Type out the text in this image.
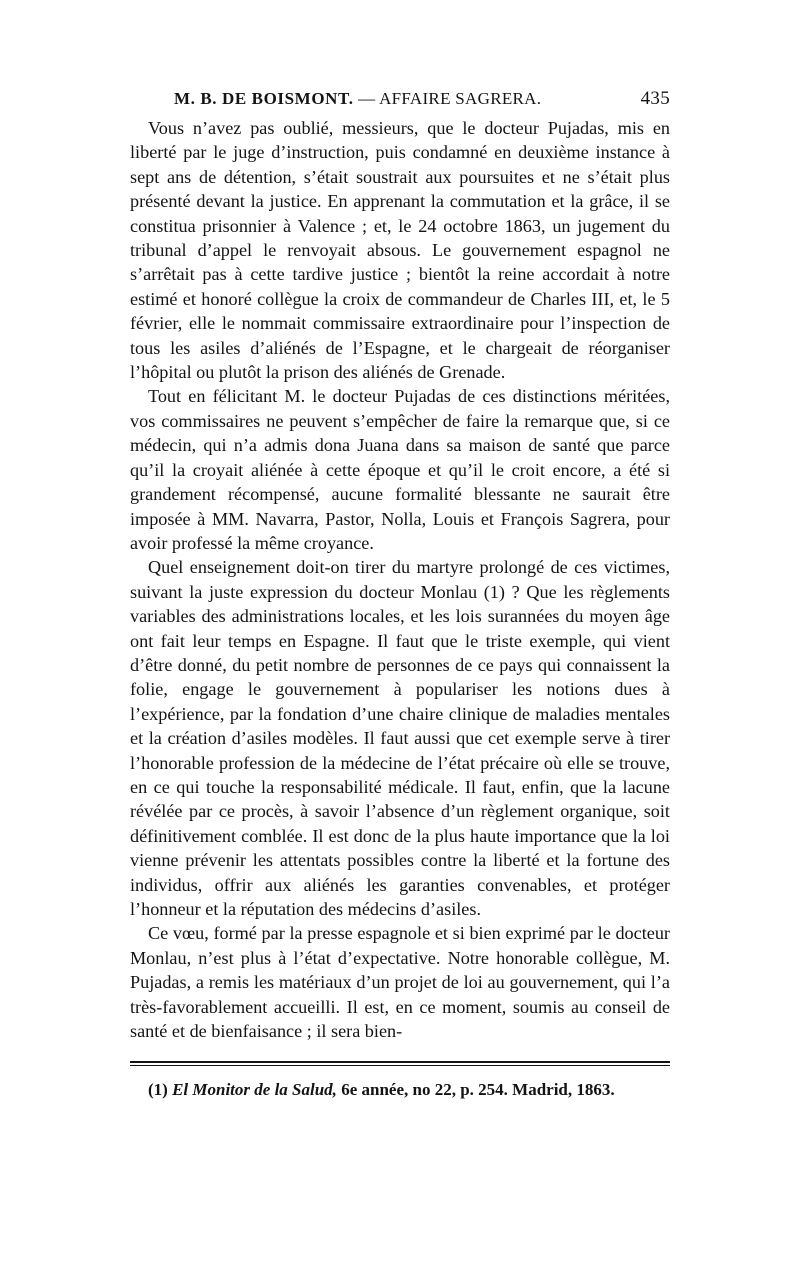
M. B. DE BOISMONT. — AFFAIRE SAGRERA.	435

Vous n’avez pas oublié, messieurs, que le docteur Pujadas, mis en liberté par le juge d’instruction, puis condamné en deuxième instance à sept ans de détention, s’était soustrait aux poursuites et ne s’était plus présenté devant la justice. En apprenant la commutation et la grâce, il se constitua prisonnier à Valence ; et, le 24 octobre 1863, un jugement du tribunal d’appel le renvoyait absous. Le gouvernement espagnol ne s’arrêtait pas à cette tardive justice ; bientôt la reine accordait à notre estimé et honoré collègue la croix de commandeur de Charles III, et, le 5 février, elle le nommait commissaire extraordinaire pour l’inspection de tous les asiles d’aliénés de l’Espagne, et le chargeait de réorganiser l’hôpital ou plutôt la prison des aliénés de Grenade.

Tout en félicitant M. le docteur Pujadas de ces distinctions méritées, vos commissaires ne peuvent s’empêcher de faire la remarque que, si ce médecin, qui n’a admis dona Juana dans sa maison de santé que parce qu’il la croyait aliénée à cette époque et qu’il le croit encore, a été si grandement récompensé, aucune formalité blessante ne saurait être imposée à MM. Navarra, Pastor, Nolla, Louis et François Sagrera, pour avoir professé la même croyance.

Quel enseignement doit-on tirer du martyre prolongé de ces victimes, suivant la juste expression du docteur Monlau (1) ? Que les règlements variables des administrations locales, et les lois surannées du moyen âge ont fait leur temps en Espagne. Il faut que le triste exemple, qui vient d’être donné, du petit nombre de personnes de ce pays qui connaissent la folie, engage le gouvernement à populariser les notions dues à l’expérience, par la fondation d’une chaire clinique de maladies mentales et la création d’asiles modèles. Il faut aussi que cet exemple serve à tirer l’honorable profession de la médecine de l’état précaire où elle se trouve, en ce qui touche la responsabilité médicale. Il faut, enfin, que la lacune révélée par ce procès, à savoir l’absence d’un règlement organique, soit définitivement comblée. Il est donc de la plus haute importance que la loi vienne prévenir les attentats possibles contre la liberté et la fortune des individus, offrir aux aliénés les garanties convenables, et protéger l’honneur et la réputation des médecins d’asiles.

Ce vœu, formé par la presse espagnole et si bien exprimé par le docteur Monlau, n’est plus à l’état d’expectative. Notre honorable collègue, M. Pujadas, a remis les matériaux d’un projet de loi au gouvernement, qui l’a très-favorablement accueilli. Il est, en ce moment, soumis au conseil de santé et de bienfaisance ; il sera bien-

(1) El Monitor de la Salud, 6e année, no 22, p. 254. Madrid, 1863.
